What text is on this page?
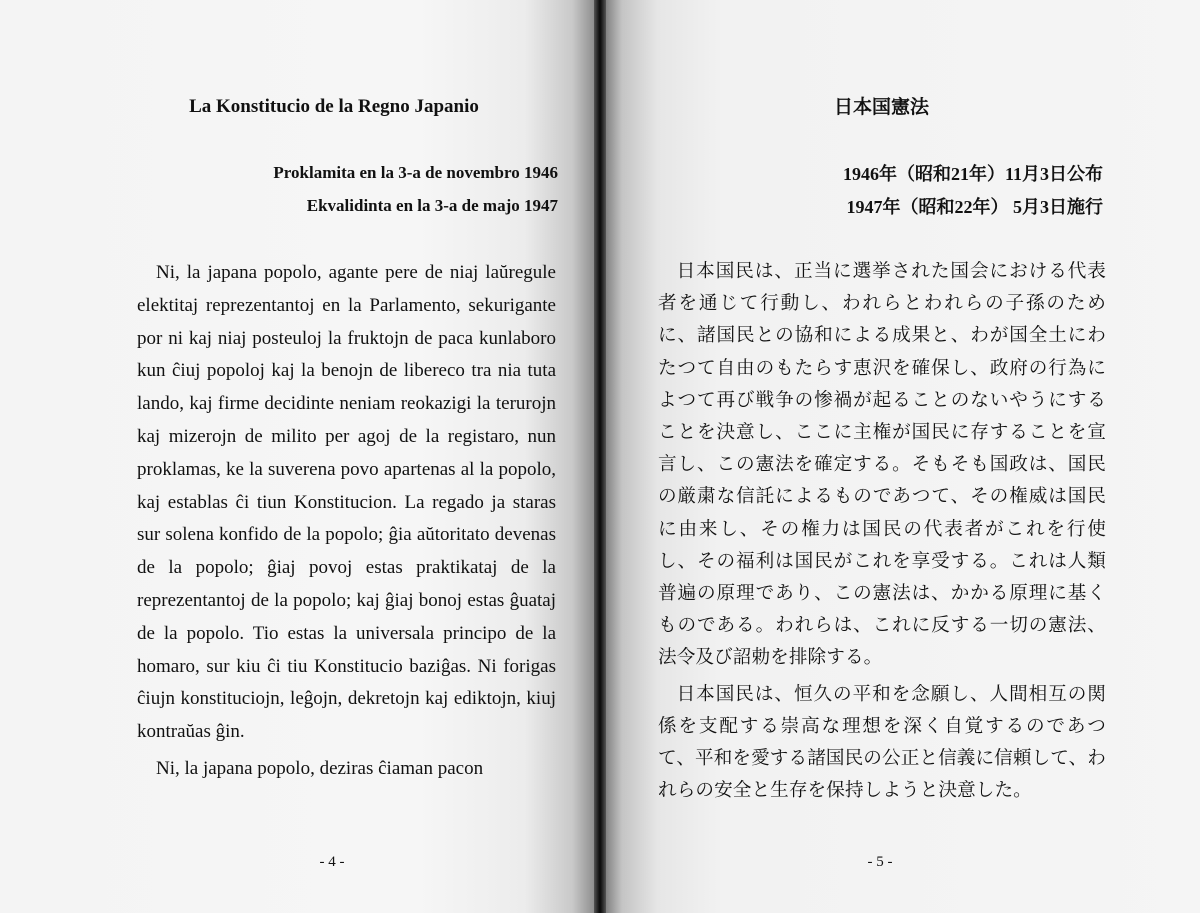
La Konstitucio de la Regno Japanio
Proklamita en la 3-a de novembro 1946
Ekvalidinta en la 3-a de majo 1947

Ni, la japana popolo, agante pere de niaj laŭregule elektitaj reprezentantoj en la Parlamento, sekurigante por ni kaj niaj posteuloj la fruktojn de paca kunlaboro kun ĉiuj popoloj kaj la benojn de libereco tra nia tuta lando, kaj firme decidinte neniam reokazigi la terurojn kaj mizerojn de milito per agoj de la registaro, nun proklamas, ke la suverena povo apartenas al la popolo, kaj establas ĉi tiun Konstitucion. La regado ja staras sur solena konfido de la popolo; ĝia aŭtoritato devenas de la popolo; ĝiaj povoj estas praktikataj de la reprezentantoj de la popolo; kaj ĝiaj bonoj estas ĝuataj de la popolo. Tio estas la universala principo de la homaro, sur kiu ĉi tiu Konstitucio baziĝas. Ni forigas ĉiujn konstituciojn, leĝojn, dekretojn kaj ediktojn, kiuj kontraŭas ĝin.

Ni, la japana popolo, deziras ĉiaman pacon

- 4 -
日本国憲法
1946年（昭和21年）11月3日公布
1947年（昭和22年） 5月3日施行

日本国民は、正当に選挙された国会における代表者を通じて行動し、われらとわれらの子孫のために、諸国民との協和による成果と、わが国全土にわたつて自由のもたらす恵沢を確保し、政府の行為によつて再び戦争の惨禍が起ることのないやうにすることを決意し、ここに主権が国民に存することを宣言し、この憲法を確定する。そもそも国政は、国民の厳粛な信託によるものであつて、その権威は国民に由来し、その権力は国民の代表者がこれを行使し、その福利は国民がこれを享受する。これは人類普遍の原理であり、この憲法は、かかる原理に基くものである。われらは、これに反する一切の憲法、法令及び詔勅を排除する。

日本国民は、恒久の平和を念願し、人間相互の関係を支配する崇高な理想を深く自覚するのであつて、平和を愛する諸国民の公正と信義に信頼して、われらの安全と生存を保持しようと決意した。

- 5 -
